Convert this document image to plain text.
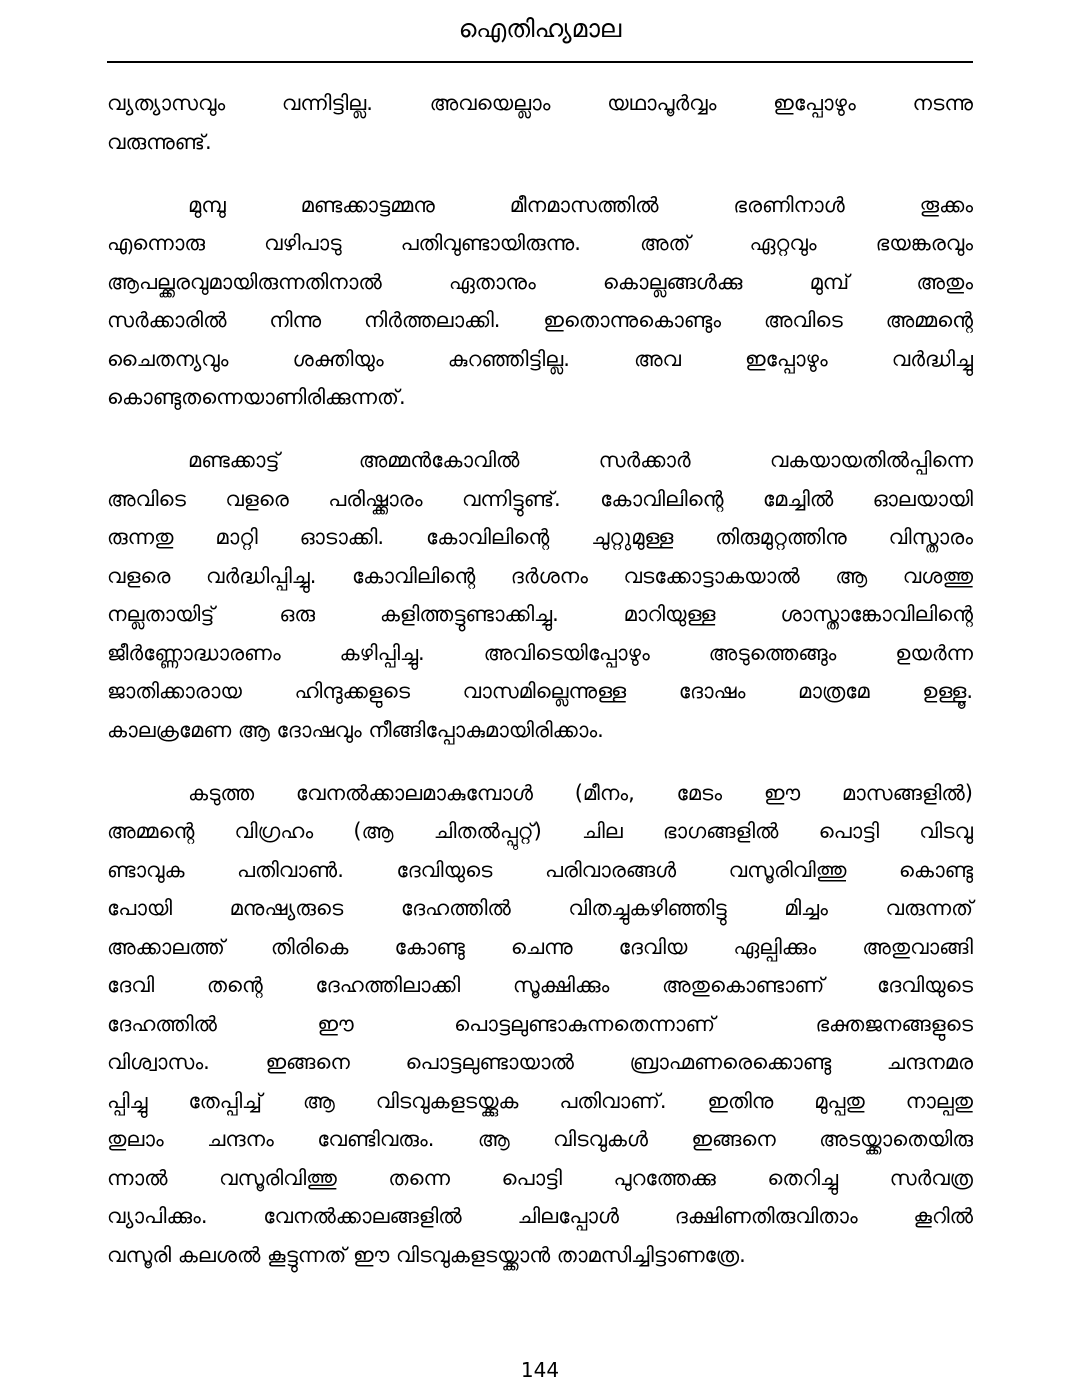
ഐതിഹ്യമാല
വ്യത്യാസവും വന്നിട്ടില്ല. അവയെല്ലാം യഥാപൂർവ്വം ഇപ്പോഴും നടന്നു
വരുന്നുണ്ട്.
മുമ്പു മണ്ടക്കാട്ടമ്മനു മീനമാസത്തിൽ ഭരണിനാൾ തൂക്കം
എന്നൊരു വഴിപാടു പതിവുണ്ടായിരുന്നു. അത് ഏറ്റവും ഭയങ്കരവും
ആപല്ക്കരവുമായിരുന്നതിനാൽ ഏതാനും കൊല്ലങ്ങൾക്കു മുമ്പ് അതും
സർക്കാരിൽ നിന്നു നിർത്തലാക്കി. ഇതൊന്നുകൊണ്ടും അവിടെ അമ്മന്റെ
ചൈതന്യവും ശക്തിയും കുറഞ്ഞിട്ടില്ല. അവ ഇപ്പോഴും വർദ്ധിച്ചു
കൊണ്ടുതന്നെയാണിരിക്കുന്നത്.
മണ്ടക്കാട്ട് അമ്മൻകോവിൽ സർക്കാർ വകയായതിൽപ്പിന്നെ
അവിടെ വളരെ പരിഷ്ക്കാരം വന്നിട്ടുണ്ട്. കോവിലിന്റെ മേച്ചിൽ ഓലയായി
രുന്നതു മാറ്റി ഓടാക്കി. കോവിലിന്റെ ചുറ്റുമുള്ള തിരുമുറ്റത്തിനു വിസ്താരം
വളരെ വർദ്ധിപ്പിച്ചു. കോവിലിന്റെ ദർശനം വടക്കോട്ടാകയാൽ ആ വശത്തു
നല്ലതായിട്ട് ഒരു കളിത്തട്ടുണ്ടാക്കിച്ചു. മാറിയുള്ള ശാസ്താങ്കോവിലിന്റെ
ജീർണ്ണോദ്ധാരണം കഴിപ്പിച്ചു. അവിടെയിപ്പോഴും അടുത്തെങ്ങും ഉയർന്ന
ജാതിക്കാരായ ഹിന്ദുക്കളുടെ വാസമില്ലെന്നുള്ള ദോഷം മാത്രമേ ഉള്ളൂ.
കാലക്രമേണ ആ ദോഷവും നീങ്ങിപ്പോകുമായിരിക്കാം.
കടുത്ത വേനൽക്കാലമാകുമ്പോൾ (മീനം, മേടം ഈ മാസങ്ങളിൽ)
അമ്മന്റെ വിഗ്രഹം (ആ ചിതൽപ്പുറ്റ്) ചില ഭാഗങ്ങളിൽ പൊട്ടി വിടവു
ണ്ടാവുക പതിവാൺ. ദേവിയുടെ പരിവാരങ്ങൾ വസൂരിവിത്തു കൊണ്ടു
പോയി മനുഷ്യരുടെ ദേഹത്തിൽ വിതച്ചുകഴിഞ്ഞിട്ടു മിച്ചം വരുന്നത്
അക്കാലത്ത് തിരികെ കോണ്ടു ചെന്നു ദേവിയ ഏല്പിക്കും അതുവാങ്ങി
ദേവി തന്റെ ദേഹത്തിലാക്കി സൂക്ഷിക്കും അതുകൊണ്ടാണ് ദേവിയുടെ
ദേഹത്തിൽ ഈ പൊട്ടലുണ്ടാകുന്നതെന്നാണ് ഭക്തജനങ്ങളുടെ
വിശ്വാസം. ഇങ്ങനെ പൊട്ടലുണ്ടായാൽ ബ്രാഹ്മണരെക്കൊണ്ടു ചന്ദനമര
പ്പിച്ചു തേപ്പിച്ച് ആ വിടവുകളടയ്ക്കുക പതിവാണ്. ഇതിനു മുപ്പതു നാല്പതു
തുലാം ചന്ദനം വേണ്ടിവരും. ആ വിടവുകൾ ഇങ്ങനെ അടയ്ക്കാതെയിരു
ന്നാൽ വസൂരിവിത്തു തന്നെ പൊട്ടി പുറത്തേക്കു തെറിച്ചു സർവത്ര
വ്യാപിക്കും. വേനൽക്കാലങ്ങളിൽ ചിലപ്പോൾ ദക്ഷിണതിരുവിതാം കൂറിൽ
വസൂരി കലശൽ കൂട്ടുന്നത് ഈ വിടവുകളടയ്ക്കാൻ താമസിച്ചിട്ടാണത്രേ.
144
